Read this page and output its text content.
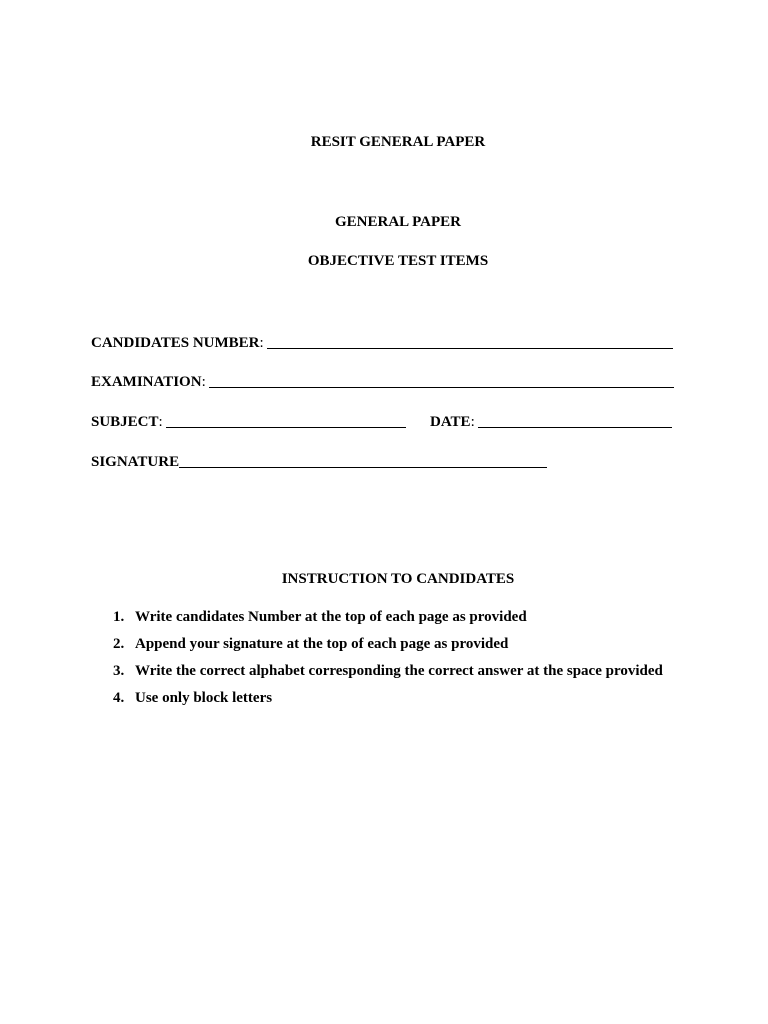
RESIT GENERAL PAPER
GENERAL PAPER
OBJECTIVE TEST ITEMS
CANDIDATES NUMBER:
EXAMINATION:
SUBJECT:	DATE:
SIGNATURE
INSTRUCTION TO CANDIDATES
1. Write candidates Number at the top of each page as provided
2. Append your signature at the top of each page as provided
3. Write the correct alphabet corresponding the correct answer at the space provided
4. Use only block letters
